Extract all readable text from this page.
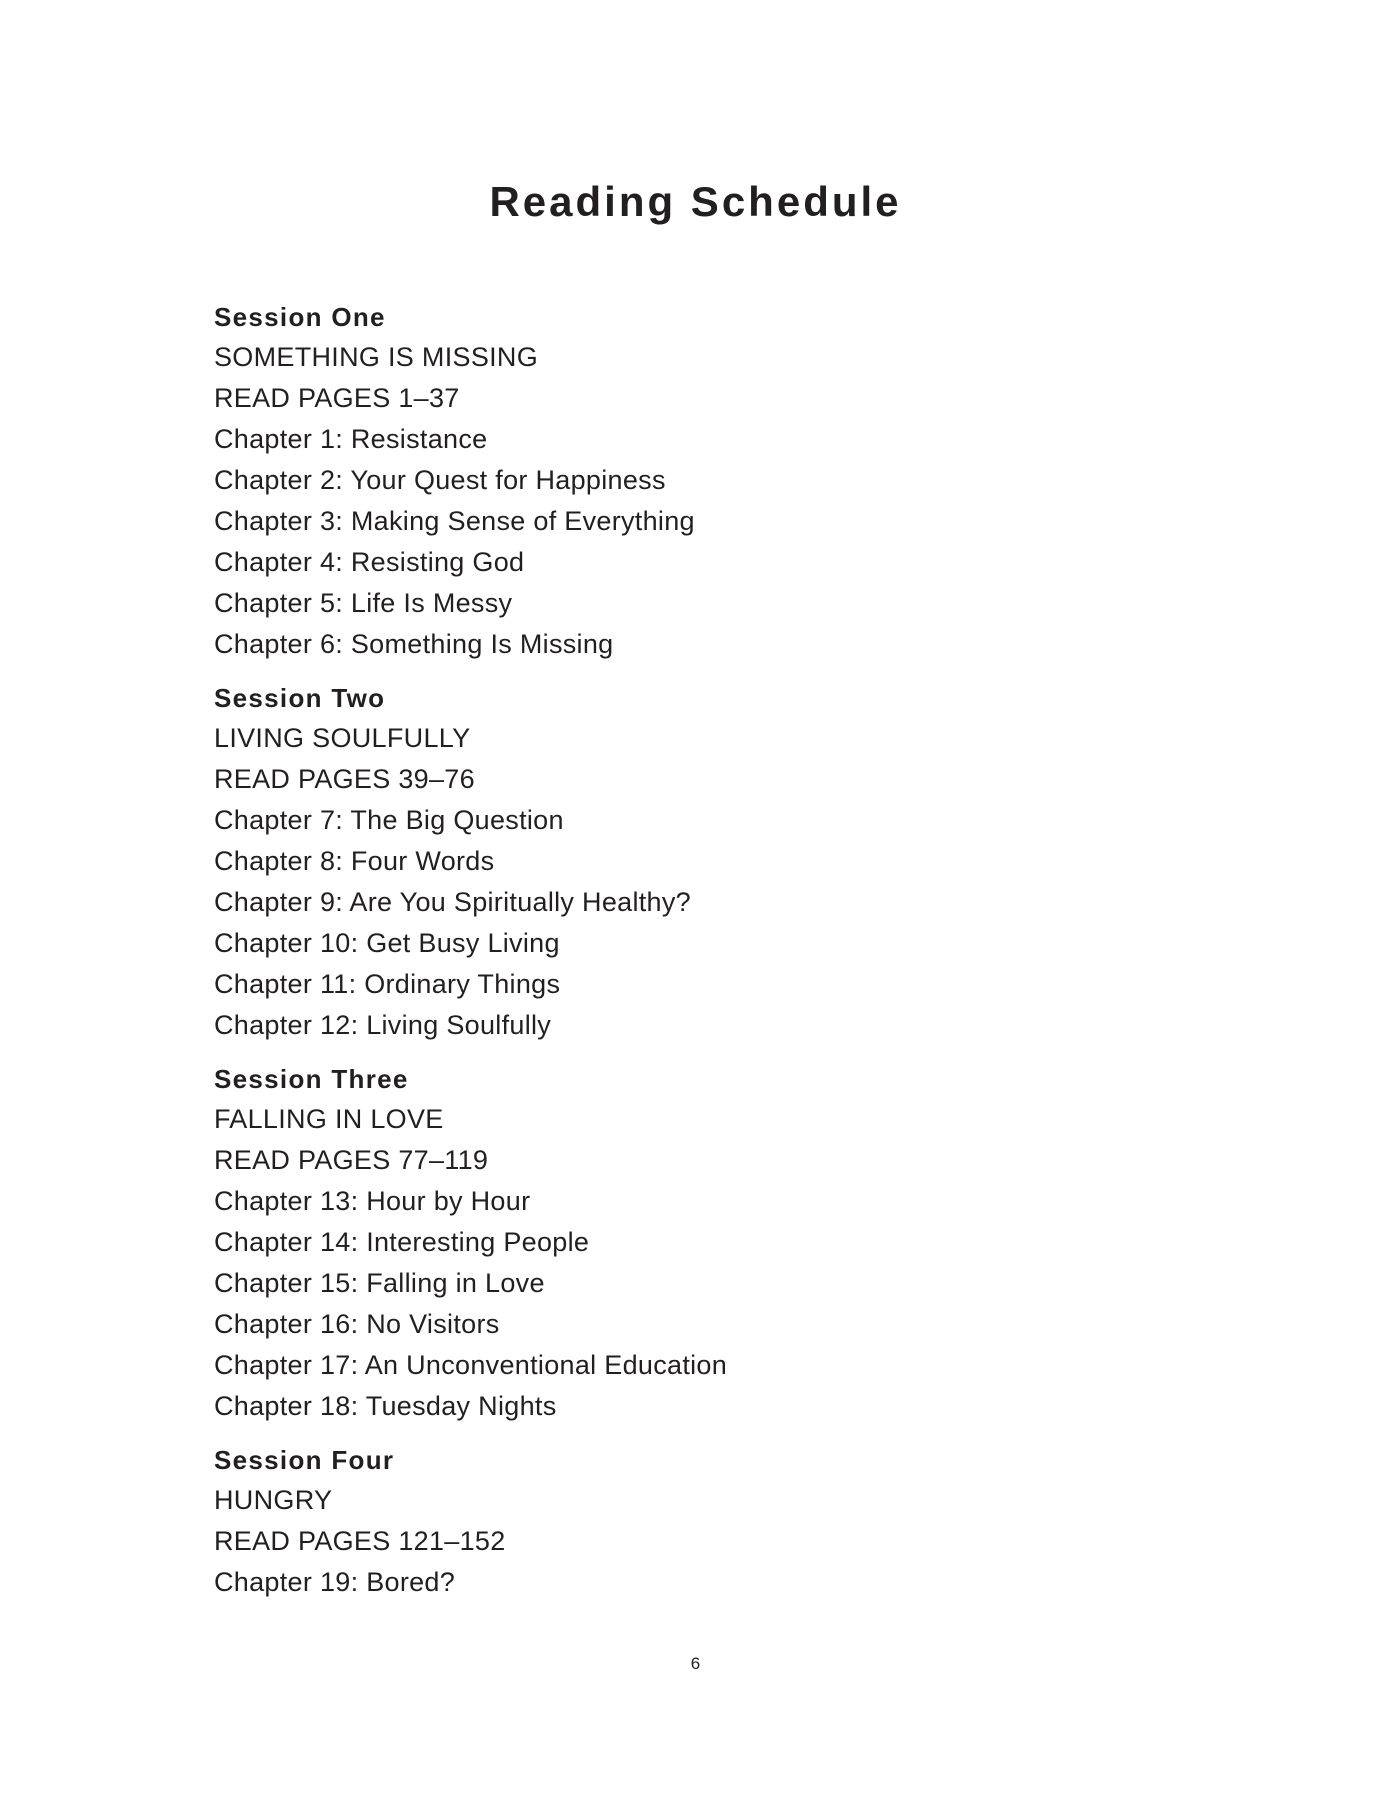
Reading Schedule
Session One
SOMETHING IS MISSING
READ PAGES 1–37
Chapter 1: Resistance
Chapter 2: Your Quest for Happiness
Chapter 3: Making Sense of Everything
Chapter 4: Resisting God
Chapter 5: Life Is Messy
Chapter 6: Something Is Missing
Session Two
LIVING SOULFULLY
READ PAGES 39–76
Chapter 7: The Big Question
Chapter 8: Four Words
Chapter 9: Are You Spiritually Healthy?
Chapter 10: Get Busy Living
Chapter 11: Ordinary Things
Chapter 12: Living Soulfully
Session Three
FALLING IN LOVE
READ PAGES 77–119
Chapter 13: Hour by Hour
Chapter 14: Interesting People
Chapter 15: Falling in Love
Chapter 16: No Visitors
Chapter 17: An Unconventional Education
Chapter 18: Tuesday Nights
Session Four
HUNGRY
READ PAGES 121–152
Chapter 19: Bored?
6
